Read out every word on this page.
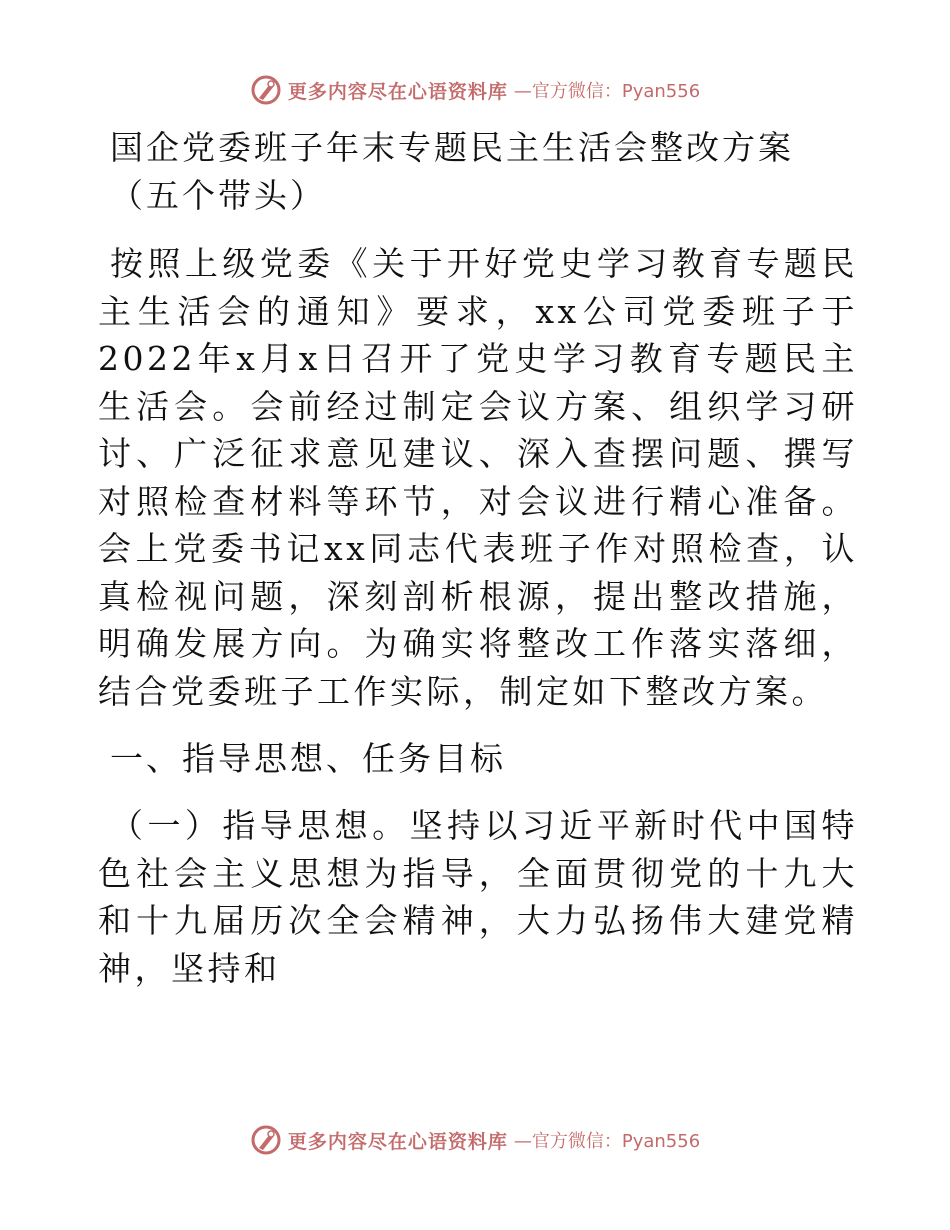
更多内容尽在心语资料库 —官方微信：Pyan556
国企党委班子年末专题民主生活会整改方案（五个带头）

按照上级党委《关于开好党史学习教育专题民主生活会的通知》要求，xx公司党委班子于2022年x月x日召开了党史学习教育专题民主生活会。会前经过制定会议方案、组织学习研讨、广泛征求意见建议、深入查摆问题、撰写对照检查材料等环节，对会议进行精心准备。会上党委书记xx同志代表班子作对照检查，认真检视问题，深刻剖析根源，提出整改措施，明确发展方向。为确实将整改工作落实落细，结合党委班子工作实际，制定如下整改方案。

一、指导思想、任务目标

（一）指导思想。坚持以习近平新时代中国特色社会主义思想为指导，全面贯彻党的十九大和十九届历次全会精神，大力弘扬伟大建党精神，坚持和

更多内容尽在心语资料库 —官方微信：Pyan556
